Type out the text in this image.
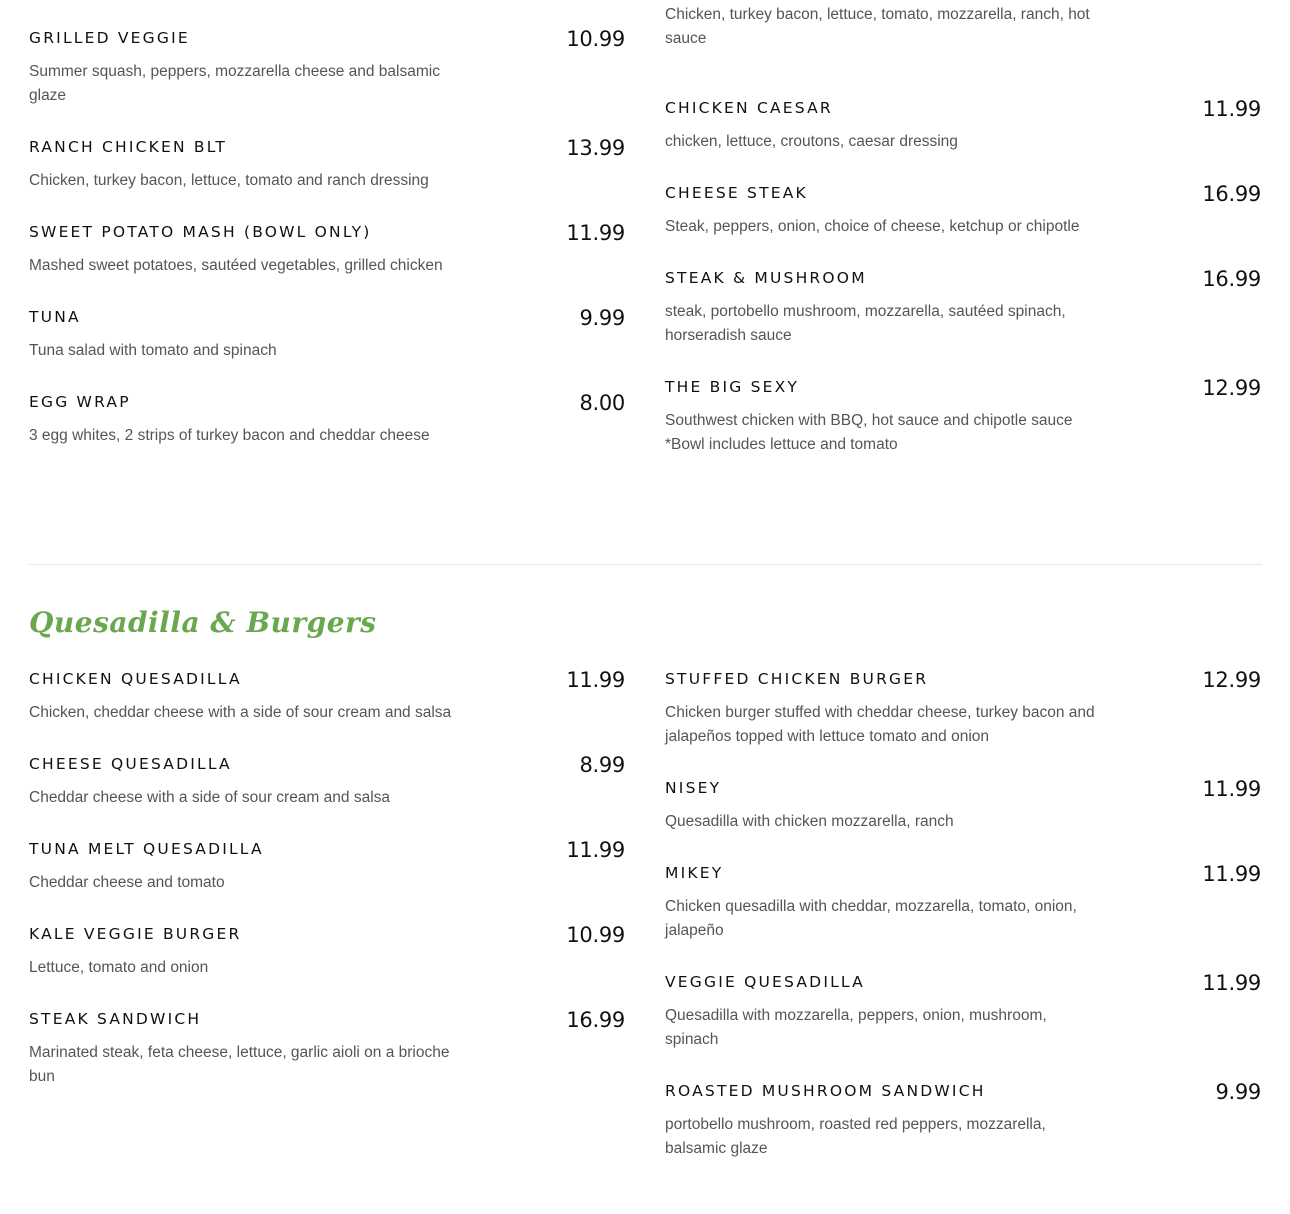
GRILLED VEGGIE	10.99
Summer squash, peppers, mozzarella cheese and balsamic glaze
RANCH CHICKEN BLT	13.99
Chicken, turkey bacon, lettuce, tomato and ranch dressing
SWEET POTATO MASH (BOWL ONLY)	11.99
Mashed sweet potatoes, sautéed vegetables, grilled chicken
TUNA	9.99
Tuna salad with tomato and spinach
EGG WRAP	8.00
3 egg whites, 2 strips of turkey bacon and cheddar cheese
Chicken, turkey bacon, lettuce, tomato, mozzarella, ranch, hot sauce
CHICKEN CAESAR	11.99
chicken, lettuce, croutons, caesar dressing
CHEESE STEAK	16.99
Steak, peppers, onion, choice of cheese, ketchup or chipotle
STEAK & MUSHROOM	16.99
steak, portobello mushroom, mozzarella, sautéed spinach, horseradish sauce
THE BIG SEXY	12.99
Southwest chicken with BBQ, hot sauce and chipotle sauce *Bowl includes lettuce and tomato
Quesadilla & Burgers
CHICKEN QUESADILLA	11.99
Chicken, cheddar cheese with a side of sour cream and salsa
CHEESE QUESADILLA	8.99
Cheddar cheese with a side of sour cream and salsa
TUNA MELT QUESADILLA	11.99
Cheddar cheese and tomato
KALE VEGGIE BURGER	10.99
Lettuce, tomato and onion
STEAK SANDWICH	16.99
Marinated steak, feta cheese, lettuce, garlic aioli on a brioche bun
STUFFED CHICKEN BURGER	12.99
Chicken burger stuffed with cheddar cheese, turkey bacon and jalapeños topped with lettuce tomato and onion
NISEY	11.99
Quesadilla with chicken mozzarella, ranch
MIKEY	11.99
Chicken quesadilla with cheddar, mozzarella, tomato, onion, jalapeño
VEGGIE QUESADILLA	11.99
Quesadilla with mozzarella, peppers, onion, mushroom, spinach
ROASTED MUSHROOM SANDWICH	9.99
portobello mushroom, roasted red peppers, mozzarella, balsamic glaze
